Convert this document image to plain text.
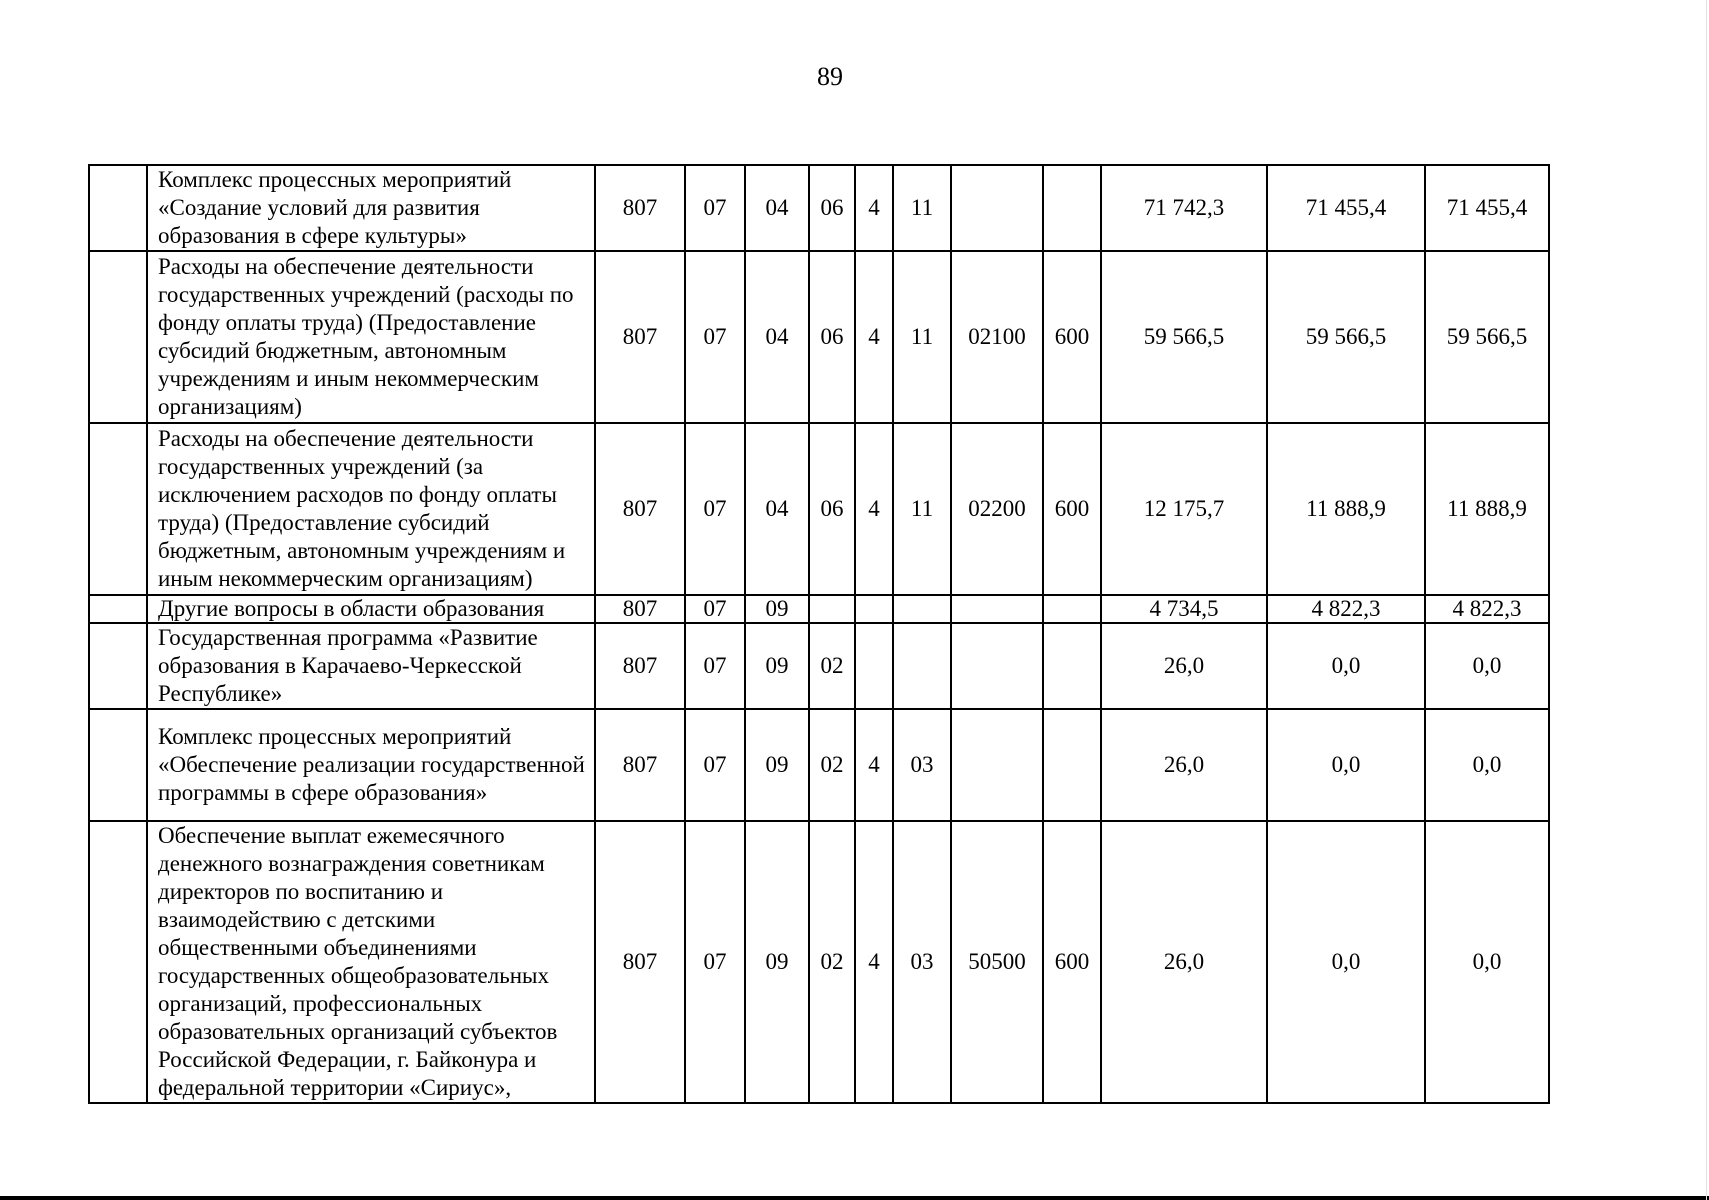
89
	Комплекс процессных мероприятий «Создание условий для развития образования в сфере культуры»	807	07	04	06	4	11			71 742,3	71 455,4	71 455,4
	Расходы на обеспечение деятельности государственных учреждений (расходы по фонду оплаты труда) (Предоставление субсидий бюджетным, автономным учреждениям и иным некоммерческим организациям)	807	07	04	06	4	11	02100	600	59 566,5	59 566,5	59 566,5
	Расходы на обеспечение деятельности государственных учреждений (за исключением расходов по фонду оплаты труда) (Предоставление субсидий бюджетным, автономным учреждениям и иным некоммерческим организациям)	807	07	04	06	4	11	02200	600	12 175,7	11 888,9	11 888,9
	Другие вопросы в области образования	807	07	09						4 734,5	4 822,3	4 822,3
	Государственная программа «Развитие образования в Карачаево-Черкесской Республике»	807	07	09	02					26,0	0,0	0,0
	Комплекс процессных мероприятий «Обеспечение реализации государственной программы в сфере образования»	807	07	09	02	4	03			26,0	0,0	0,0
	Обеспечение выплат ежемесячного денежного вознаграждения советникам директоров по воспитанию и взаимодействию с детскими общественными объединениями государственных общеобразовательных организаций, профессиональных образовательных организаций субъектов Российской Федерации, г. Байконура и федеральной территории «Сириус»,	807	07	09	02	4	03	50500	600	26,0	0,0	0,0
